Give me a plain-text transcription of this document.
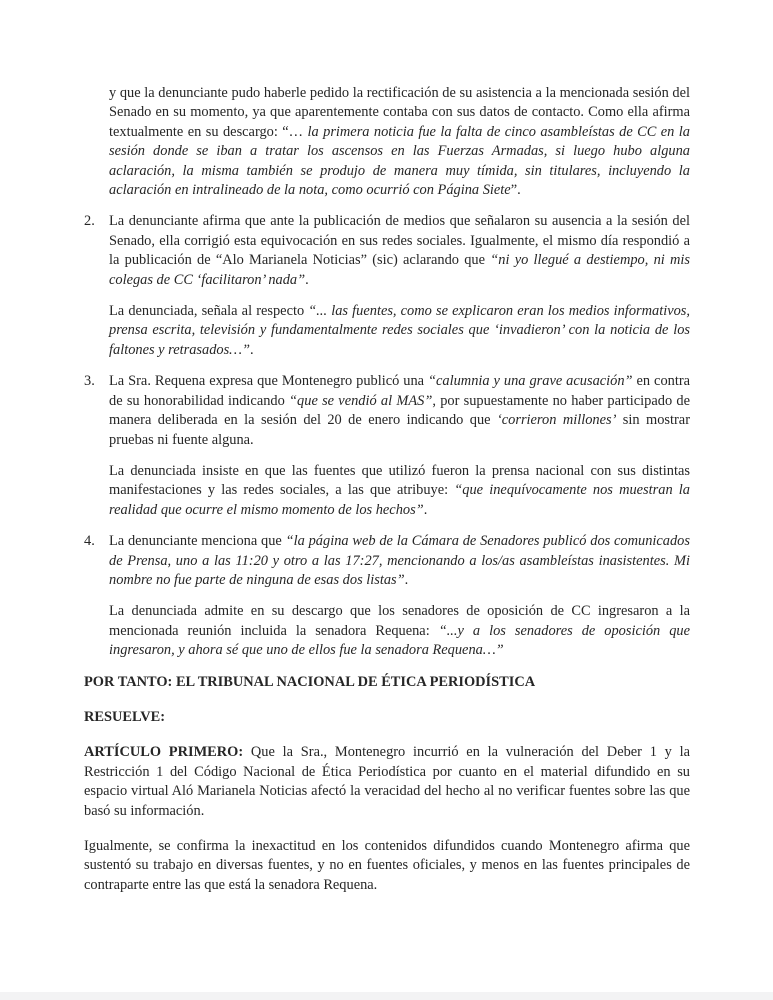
y que la denunciante pudo haberle pedido la rectificación de su asistencia a la mencionada sesión del Senado en su momento, ya que aparentemente contaba con sus datos de contacto. Como ella afirma textualmente en su descargo: “… la primera noticia fue la falta de cinco asambleístas de CC en la sesión donde se iban a tratar los ascensos en las Fuerzas Armadas, si luego hubo alguna aclaración, la misma también se produjo de manera muy tímida, sin titulares, incluyendo la aclaración en intralineado de la nota, como ocurrió con Página Siete”.

2. La denunciante afirma que ante la publicación de medios que señalaron su ausencia a la sesión del Senado, ella corrigió esta equivocación en sus redes sociales. Igualmente, el mismo día respondió a la publicación de “Alo Marianela Noticias” (sic) aclarando que “ni yo llegué a destiempo, ni mis colegas de CC ‘facilitaron’ nada”.

La denunciada, señala al respecto “... las fuentes, como se explicaron eran los medios informativos, prensa escrita, televisión y fundamentalmente redes sociales que ‘invadieron’ con la noticia de los faltones y retrasados…”.

3. La Sra. Requena expresa que Montenegro publicó una “calumnia y una grave acusación” en contra de su honorabilidad indicando “que se vendió al MAS”, por supuestamente no haber participado de manera deliberada en la sesión del 20 de enero indicando que ‘corrieron millones’ sin mostrar pruebas ni fuente alguna.

La denunciada insiste en que las fuentes que utilizó fueron la prensa nacional con sus distintas manifestaciones y las redes sociales, a las que atribuye: “que inequívocamente nos muestran la realidad que ocurre el mismo momento de los hechos”.

4. La denunciante menciona que “la página web de la Cámara de Senadores publicó dos comunicados de Prensa, uno a las 11:20 y otro a las 17:27, mencionando a los/as asambleístas inasistentes. Mi nombre no fue parte de ninguna de esas dos listas”.

La denunciada admite en su descargo que los senadores de oposición de CC ingresaron a la mencionada reunión incluida la senadora Requena: “...y a los senadores de oposición que ingresaron, y ahora sé que uno de ellos fue la senadora Requena…”

POR TANTO: EL TRIBUNAL NACIONAL DE ÉTICA PERIODÍSTICA

RESUELVE:

ARTÍCULO PRIMERO: Que la Sra., Montenegro incurrió en la vulneración del Deber 1 y la Restricción 1 del Código Nacional de Ética Periodística por cuanto en el material difundido en su espacio virtual Aló Marianela Noticias afectó la veracidad del hecho al no verificar fuentes sobre las que basó su información.

Igualmente, se confirma la inexactitud en los contenidos difundidos cuando Montenegro afirma que sustentó su trabajo en diversas fuentes, y no en fuentes oficiales, y menos en las fuentes principales de contraparte entre las que está la senadora Requena.
